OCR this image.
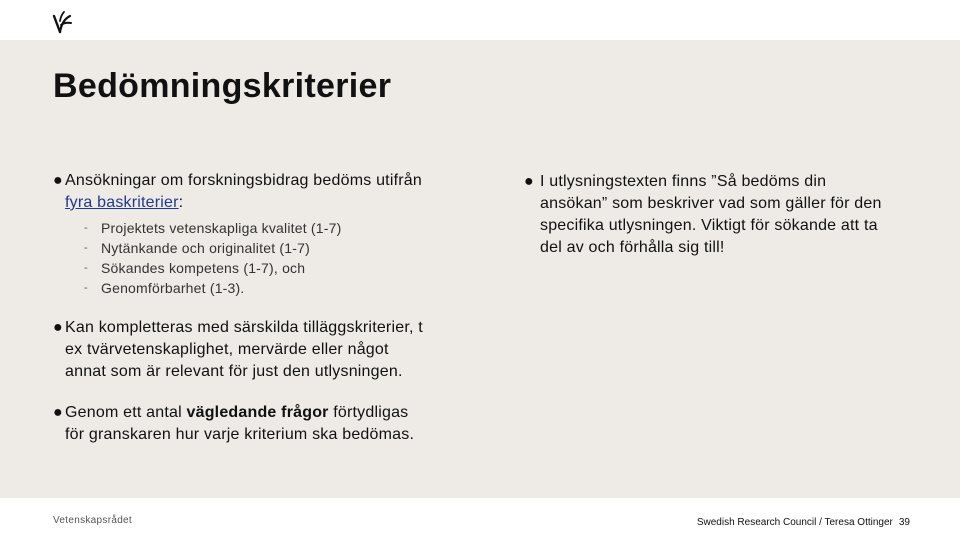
Bedömningskriterier
● Ansökningar om forskningsbidrag bedöms utifrån
fyra baskriterier:
- Projektets vetenskapliga kvalitet (1-7)
- Nytänkande och originalitet (1-7)
- Sökandes kompetens (1-7), och
- Genomförbarhet (1-3).
● Kan kompletteras med särskilda tilläggskriterier, t
ex tvärvetenskaplighet, mervärde eller något
annat som är relevant för just den utlysningen.
● Genom ett antal vägledande frågor förtydligas
för granskaren hur varje kriterium ska bedömas.
● I utlysningstexten finns ”Så bedöms din
ansökan” som beskriver vad som gäller för den
specifika utlysningen. Viktigt för sökande att ta
del av och förhålla sig till!
Vetenskapsrådet	Swedish Research Council / Teresa Ottinger 39
